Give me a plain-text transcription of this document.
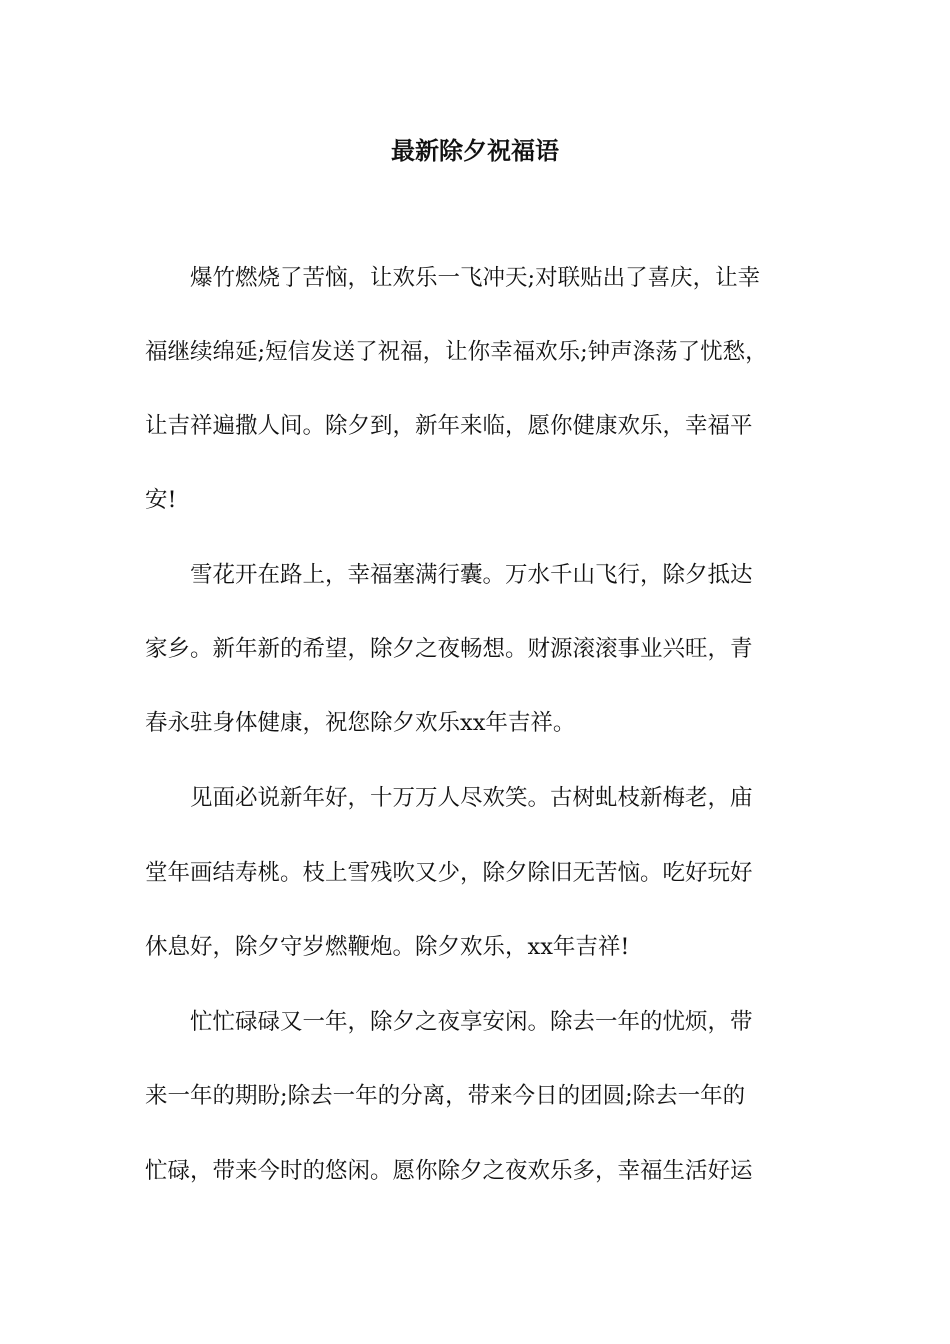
最新除夕祝福语
爆竹燃烧了苦恼，让欢乐一飞冲天;对联贴出了喜庆，让幸
福继续绵延;短信发送了祝福，让你幸福欢乐;钟声涤荡了忧愁，
让吉祥遍撒人间。除夕到，新年来临，愿你健康欢乐，幸福平
安!
雪花开在路上，幸福塞满行囊。万水千山飞行，除夕抵达
家乡。新年新的希望，除夕之夜畅想。财源滚滚事业兴旺，青
春永驻身体健康，祝您除夕欢乐xx年吉祥。
见面必说新年好，十万万人尽欢笑。古树虬枝新梅老，庙
堂年画结寿桃。枝上雪残吹又少，除夕除旧无苦恼。吃好玩好
休息好，除夕守岁燃鞭炮。除夕欢乐，xx年吉祥!
忙忙碌碌又一年，除夕之夜享安闲。除去一年的忧烦，带
来一年的期盼;除去一年的分离，带来今日的团圆;除去一年的
忙碌，带来今时的悠闲。愿你除夕之夜欢乐多，幸福生活好运
